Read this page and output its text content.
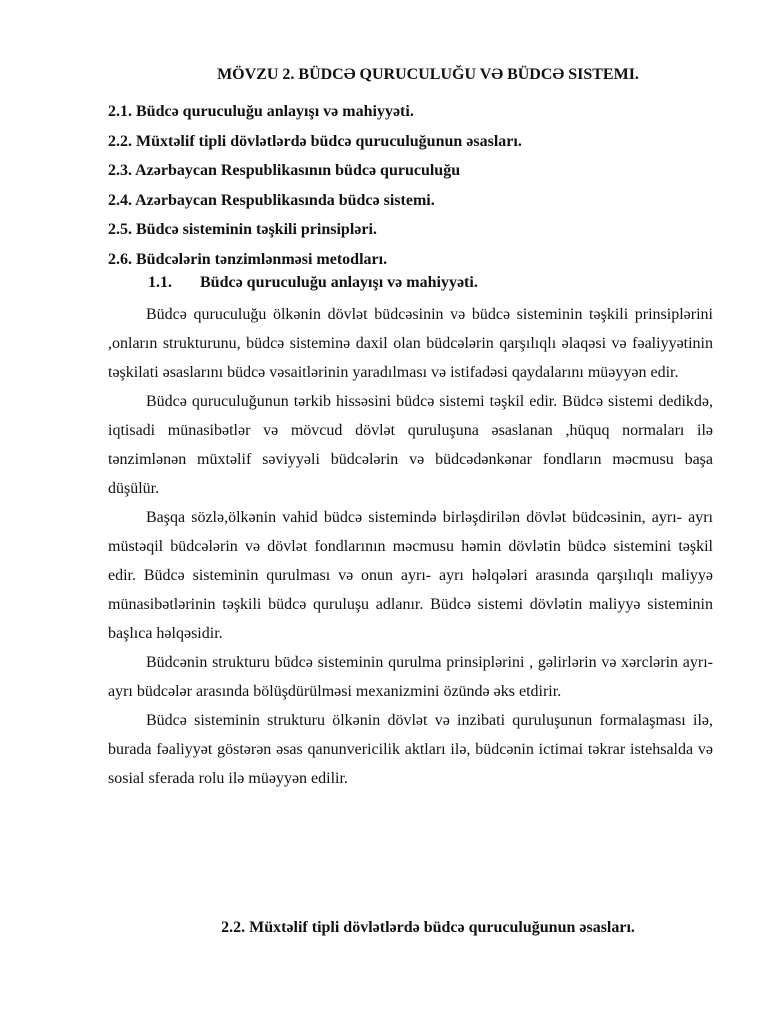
MÖVZU 2. BÜDCƏ QURUCULUĞU VƏ BÜDCƏ SISTEMI.
2.1. Büdcə quruculuğu anlayışı və mahiyyəti.
2.2. Müxtəlif tipli dövlətlərdə büdcə quruculuğunun əsasları.
2.3. Azərbaycan Respublikasının büdcə quruculuğu
2.4. Azərbaycan Respublikasında büdcə sistemi.
2.5. Büdcə sisteminin təşkili prinsipləri.
2.6. Büdcələrin tənzimlənməsi metodları.
1.1. Büdcə quruculuğu anlayışı və mahiyyəti.

Büdcə quruculuğu ölkənin dövlət büdcəsinin və büdcə sisteminin təşkili prinsiplərini ,onların strukturunu, büdcə sisteminə daxil olan büdcələrin qarşılıqlı əlaqəsi və fəaliyyətinin təşkilati əsaslarını büdcə vəsaitlərinin yaradılması və istifadəsi qaydalarını müəyyən edir.

Büdcə quruculuğunun tərkib hissəsini büdcə sistemi təşkil edir. Büdcə sistemi dedikdə, iqtisadi münasibətlər və mövcud dövlət quruluşuna əsaslanan ,hüquq normaları ilə tənzimlənən müxtəlif səviyyəli büdcələrin və büdcədənkənar fondların məcmusu başa düşülür.

Başqa sözlə,ölkənin vahid büdcə sistemində birləşdirilən dövlət büdcəsinin, ayrı- ayrı müstəqil büdcələrin və dövlət fondlarının məcmusu həmin dövlətin büdcə sistemini təşkil edir. Büdcə sisteminin qurulması və onun ayrı- ayrı həlqələri arasında qarşılıqlı maliyyə münasibətlərinin təşkili büdcə quruluşu adlanır. Büdcə sistemi dövlətin maliyyə sisteminin başlıca həlqəsidir.

Büdcənin strukturu büdcə sisteminin qurulma prinsiplərini , gəlirlərin və xərclərin ayrı- ayrı büdcələr arasında bölüşdürülməsi mexanizmini özündə əks etdirir.

Büdcə sisteminin strukturu ölkənin dövlət və inzibati quruluşunun formalaşması ilə, burada fəaliyyət göstərən əsas qanunvericilik aktları ilə, büdcənin ictimai təkrar istehsalda və sosial sferada rolu ilə müəyyən edilir.

2.2. Müxtəlif tipli dövlətlərdə büdcə quruculuğunun əsasları.
